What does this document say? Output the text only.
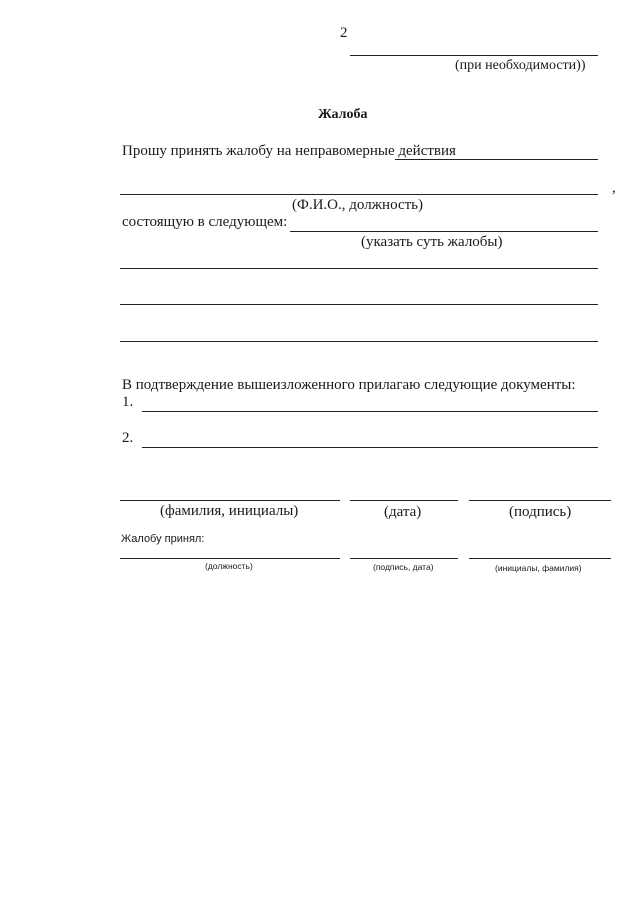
2
(при необходимости))
Жалоба
Прошу принять жалобу на неправомерные действия
,
(Ф.И.О., должность)
состоящую в следующем:
(указать суть жалобы)
В подтверждение вышеизложенного прилагаю следующие документы:
1.
2.
(фамилия, инициалы)	(дата)	(подпись)
Жалобу принял:
(должность)	(подпись, дата)	(инициалы, фамилия)
